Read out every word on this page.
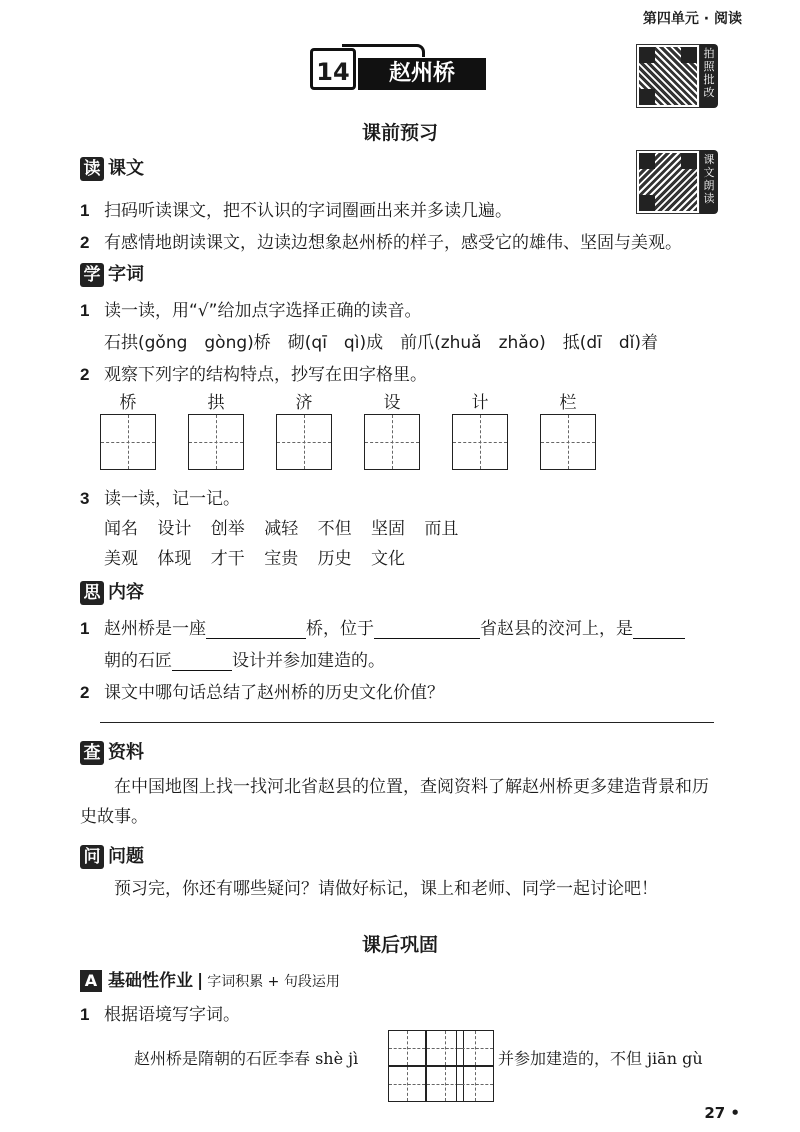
第四单元 · 阅读
14	赵州桥
拍照批改
课文朗读
课前预习
读 课文
1 扫码听读课文，把不认识的字词圈画出来并多读几遍。
2 有感情地朗读课文，边读边想象赵州桥的样子，感受它的雄伟、坚固与美观。
学 字词
1 读一读，用“√”给加点字选择正确的读音。
石拱(gǒng　gòng)桥　砌(qī　qì)成　前爪(zhuǎ　zhǎo)　抵(dī　dǐ)着
2 观察下列字的结构特点，抄写在田字格里。
桥	拱	济	设	计	栏
3 读一读，记一记。
闻名 设计 创举 减轻 不但 坚固 而且
美观 体现 才干 宝贵 历史 文化
思 内容
1 赵州桥是一座	桥，位于	省赵县的洨河上，是
朝的石匠	设计并参加建造的。
2 课文中哪句话总结了赵州桥的历史文化价值？
查 资料
在中国地图上找一找河北省赵县的位置，查阅资料了解赵州桥更多建造背景和历史故事。
问 问题
预习完，你还有哪些疑问？请做好标记，课上和老师、同学一起讨论吧！
课后巩固
A 基础性作业 | 字词积累 + 句段运用
1 根据语境写字词。
赵州桥是隋朝的石匠李春 shè jì	并参加建造的，不但 jiān gù
27 •
